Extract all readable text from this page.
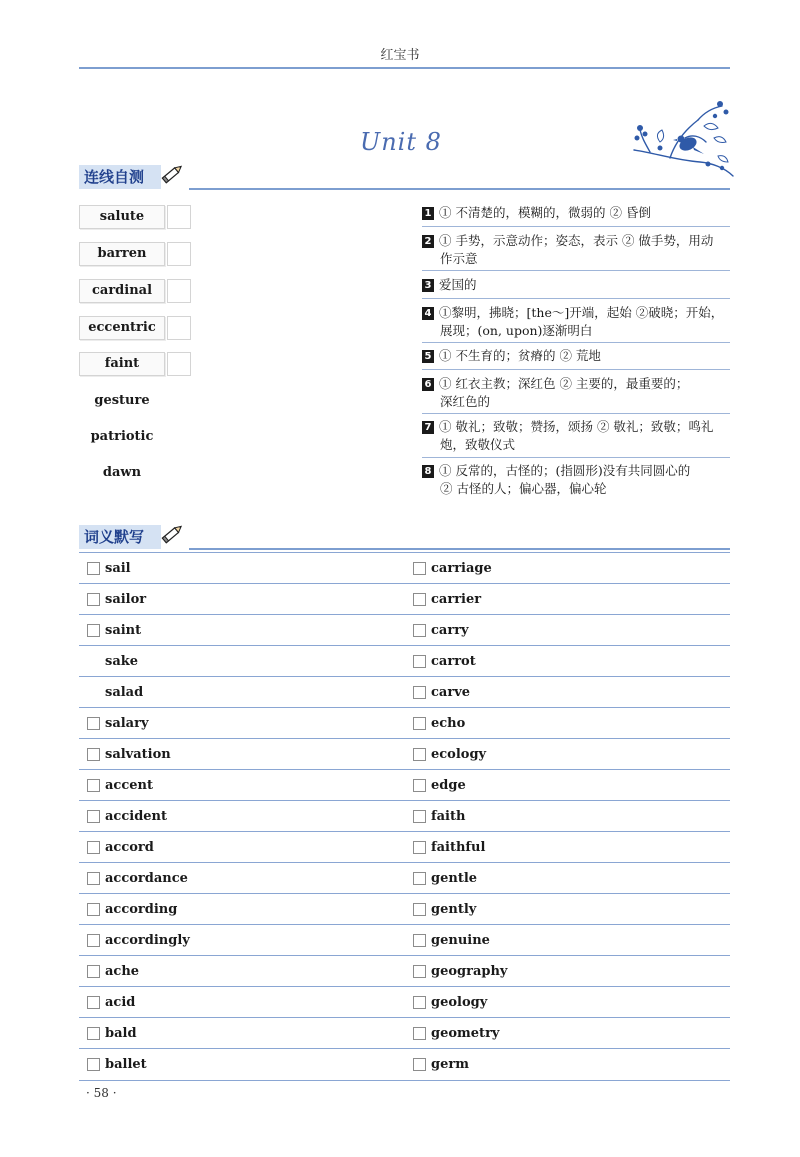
红宝书
Unit 8
连线自测
salute
barren
cardinal
eccentric
faint
gesture
patriotic
dawn
1 ① 不清楚的，模糊的，微弱的 ② 昏倒
2 ① 手势，示意动作；姿态，表示 ② 做手势，用动
作示意
3 爱国的
4 ①黎明，拂晓；[the～]开端，起始 ②破晓；开始，
展现；(on, upon)逐渐明白
5 ① 不生育的；贫瘠的 ② 荒地
6 ① 红衣主教；深红色 ② 主要的，最重要的；
深红色的
7 ① 敬礼；致敬；赞扬，颂扬 ② 敬礼；致敬；鸣礼
炮，致敬仪式
8 ① 反常的，古怪的；(指圆形)没有共同圆心的
② 古怪的人；偏心器，偏心轮
词义默写
sail	carriage
sailor	carrier
saint	carry
sake	carrot
salad	carve
salary	echo
salvation	ecology
accent	edge
accident	faith
accord	faithful
accordance	gentle
according	gently
accordingly	genuine
ache	geography
acid	geology
bald	geometry
ballet	germ
· 58 ·
